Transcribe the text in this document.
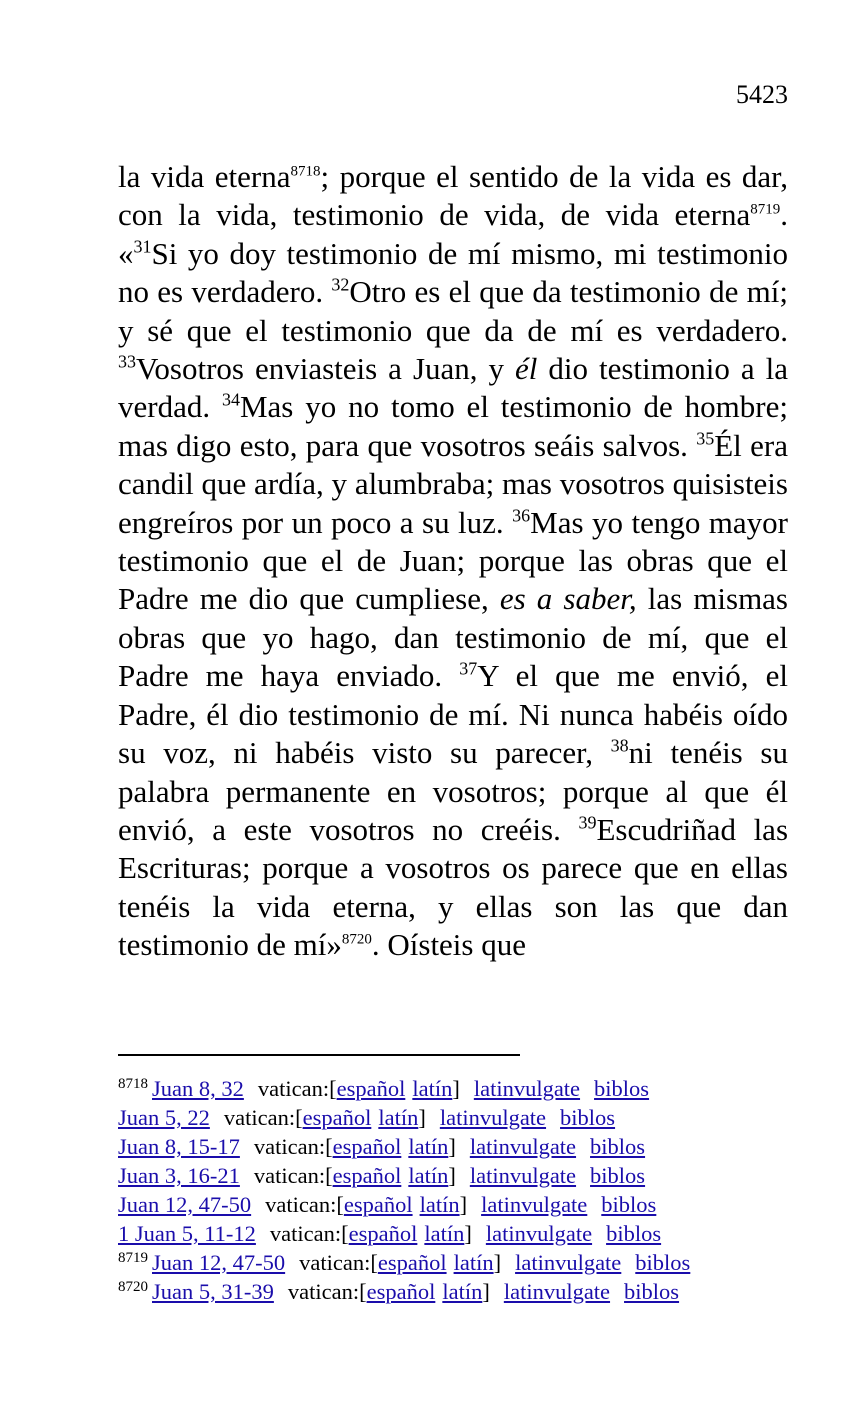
5423

la vida eterna$^{8718}$; porque el sentido de la vida es dar, con la vida, testimonio de vida, de vida eterna$^{8719}$. «$^{31}$Si yo doy testimonio de mí mismo, mi testimonio no es verdadero. $^{32}$Otro es el que da testimonio de mí; y sé que el testimonio que da de mí es verdadero. $^{33}$Vosotros enviasteis a Juan, y él dio testimonio a la verdad. $^{34}$Mas yo no tomo el testimonio de hombre; mas digo esto, para que vosotros seáis salvos. $^{35}$Él era candil que ardía, y alumbraba; mas vosotros quisisteis engreíros por un poco a su luz. $^{36}$Mas yo tengo mayor testimonio que el de Juan; porque las obras que el Padre me dio que cumpliese, es a saber, las mismas obras que yo hago, dan testimonio de mí, que el Padre me haya enviado. $^{37}$Y el que me envió, el Padre, él dio testimonio de mí. Ni nunca habéis oído su voz, ni habéis visto su parecer, $^{38}$ni tenéis su palabra permanente en vosotros; porque al que él envió, a este vosotros no creéis. $^{39}$Escudriñad las Escrituras; porque a vosotros os parece que en ellas tenéis la vida eterna, y ellas son las que dan testimonio de mí»$^{8720}$. Oísteis que

$^{8718}$ Juan 8, 32 vatican:[español latín] latinvulgate biblos
Juan 5, 22 vatican:[español latín] latinvulgate biblos
Juan 8, 15-17 vatican:[español latín] latinvulgate biblos
Juan 3, 16-21 vatican:[español latín] latinvulgate biblos
Juan 12, 47-50 vatican:[español latín] latinvulgate biblos
1 Juan 5, 11-12 vatican:[español latín] latinvulgate biblos
$^{8719}$ Juan 12, 47-50 vatican:[español latín] latinvulgate biblos
$^{8720}$ Juan 5, 31-39 vatican:[español latín] latinvulgate biblos
